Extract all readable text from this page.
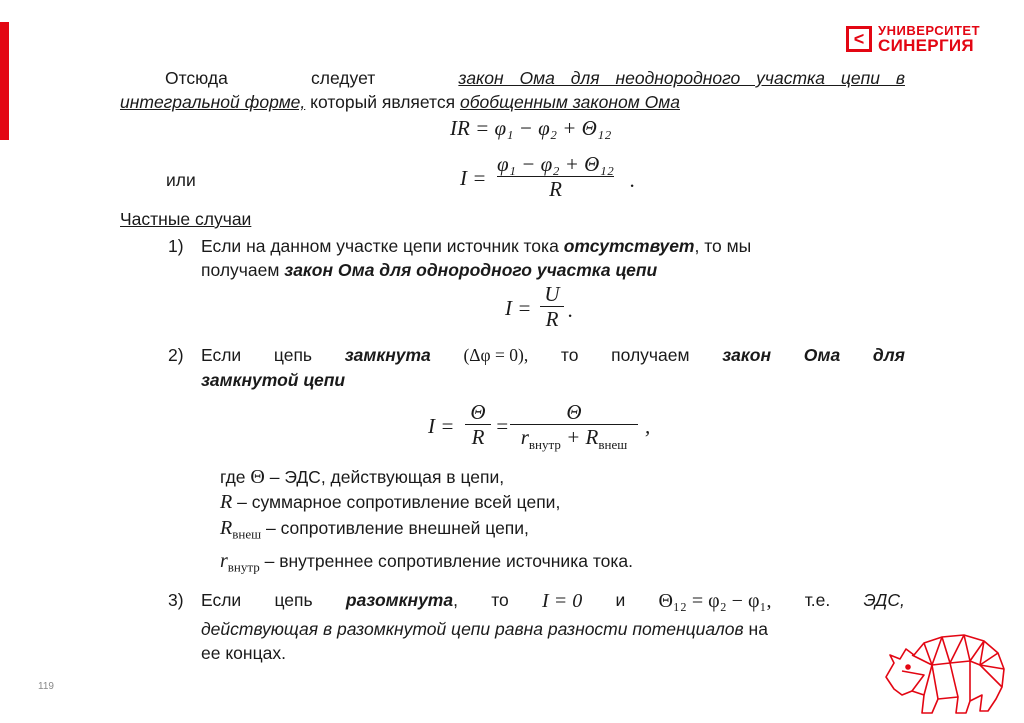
< УНИВЕРСИТЕТ
СИНЕРГИЯ
Отсюда	следует	закон Ома для неоднородного участка цепи в
интегральной форме, который является обобщенным законом Ома
IR = φ₁ − φ₂ + Θ₁₂
или	I =
φ₁ − φ₂ + Θ₁₂
R	.
Частные случаи
1) Если на данном участке цепи источник тока отсутствует, то мы
получаем закон Ома для однородного участка цепи
I =
U
R .
2) Если цепь замкнута (Δφ = 0), то получаем закон Ома для
замкнутой цепи
I =
Θ
R =
Θ
$r_{внутр} + R_{внеш}$
,
где Θ – ЭДС, действующая в цепи,
R – суммарное сопротивление всей цепи,
$R_{внеш}$ – сопротивление внешней цепи,
$r_{внутр}$ – внутреннее сопротивление источника тока.
3) Если цепь разомкнута, то I = 0 и Θ₁₂ = φ₂ − φ₁, т.е. ЭДС,
действующая в разомкнутой цепи равна разности потенциалов на
ее концах.
119
